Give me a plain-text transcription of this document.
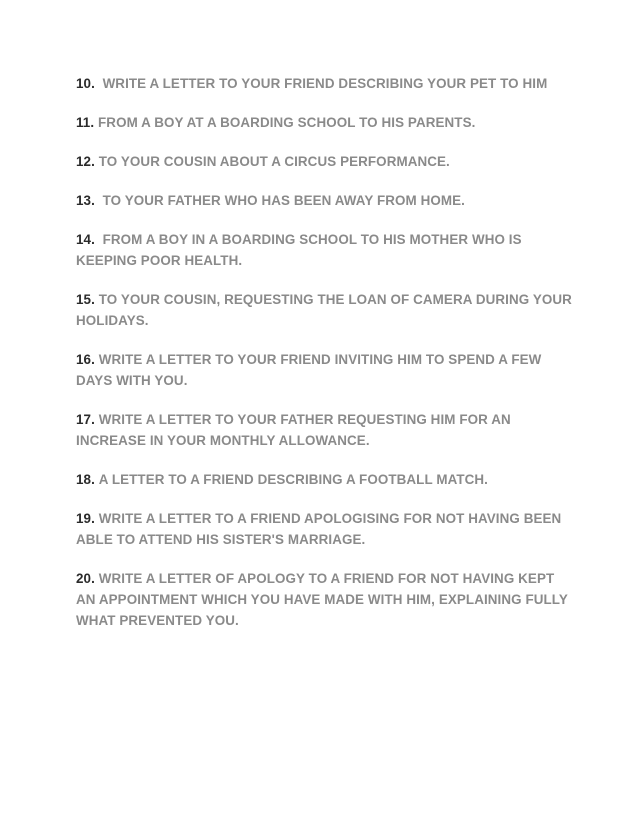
10. WRITE A LETTER TO YOUR FRIEND DESCRIBING YOUR PET TO HIM

11. FROM A BOY AT A BOARDING SCHOOL TO HIS PARENTS.

12. TO YOUR COUSIN ABOUT A CIRCUS PERFORMANCE.

13. TO YOUR FATHER WHO HAS BEEN AWAY FROM HOME.

14. FROM A BOY IN A BOARDING SCHOOL TO HIS MOTHER WHO IS KEEPING POOR HEALTH.

15. TO YOUR COUSIN, REQUESTING THE LOAN OF CAMERA DURING YOUR HOLIDAYS.

16. WRITE A LETTER TO YOUR FRIEND INVITING HIM TO SPEND A FEW DAYS WITH YOU.

17. WRITE A LETTER TO YOUR FATHER REQUESTING HIM FOR AN INCREASE IN YOUR MONTHLY ALLOWANCE.

18. A LETTER TO A FRIEND DESCRIBING A FOOTBALL MATCH.

19. WRITE A LETTER TO A FRIEND APOLOGISING FOR NOT HAVING BEEN ABLE TO ATTEND HIS SISTER'S MARRIAGE.

20. WRITE A LETTER OF APOLOGY TO A FRIEND FOR NOT HAVING KEPT AN APPOINTMENT WHICH YOU HAVE MADE WITH HIM, EXPLAINING FULLY WHAT PREVENTED YOU.
